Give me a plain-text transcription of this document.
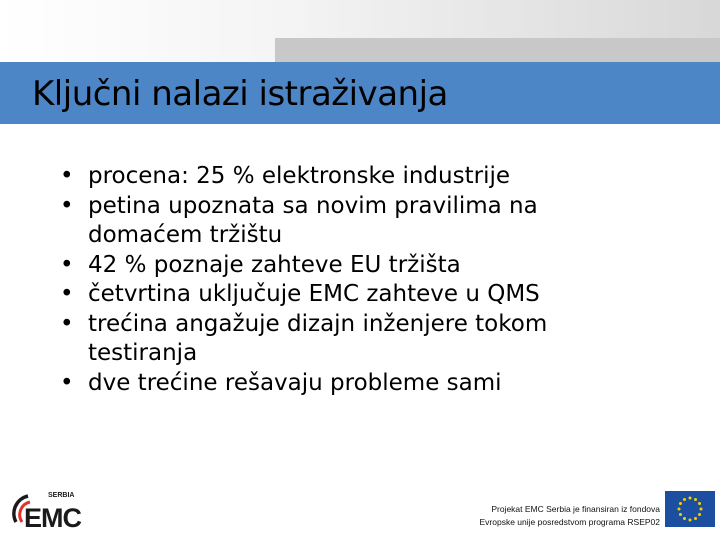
Ključni nalazi istraživanja
• procena: 25 % elektronske industrije
• petina upoznata sa novim pravilima na domaćem tržištu
• 42 % poznaje zahteve EU tržišta
• četvrtina uključuje EMC zahteve u QMS
• trećina angažuje dizajn inženjere tokom testiranja
• dve trećine rešavaju probleme sami
SERBIA
EMC	Projekat EMC Serbia je finansiran iz fondova
Evropske unije posredstvom programa RSEP02
